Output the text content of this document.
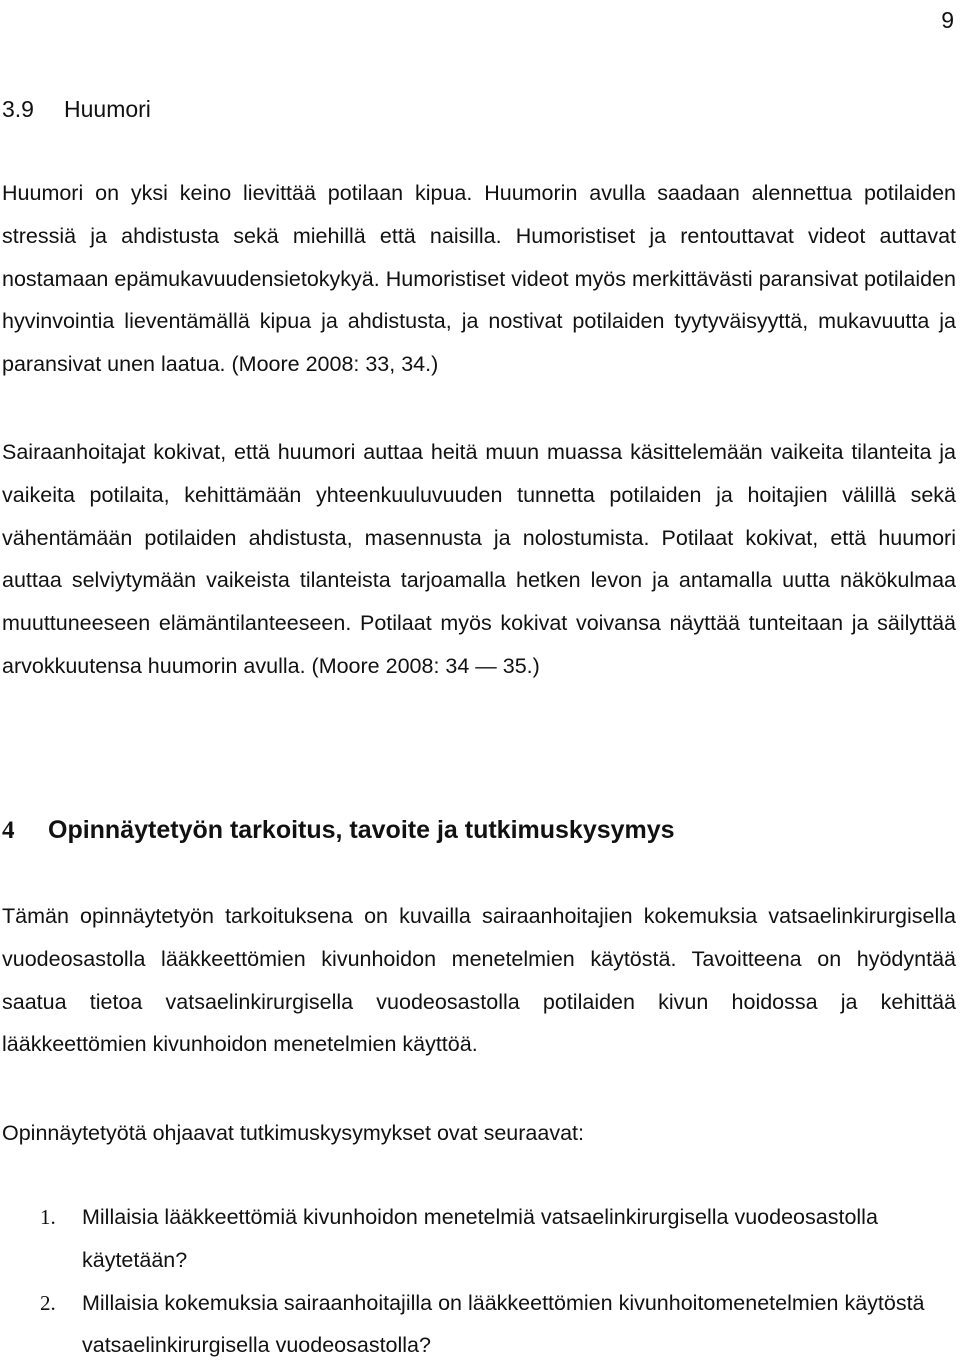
9
3.9 Huumori

Huumori on yksi keino lievittää potilaan kipua. Huumorin avulla saadaan alennettua potilaiden stressiä ja ahdistusta sekä miehillä että naisilla. Humoristiset ja rentouttavat videot auttavat nostamaan epämukavuudensietokykyä. Humoristiset videot myös merkittävästi paransivat potilaiden hyvinvointia lieventämällä kipua ja ahdistusta, ja nostivat potilaiden tyytyväisyyttä, mukavuutta ja paransivat unen laatua. (Moore 2008: 33, 34.)

Sairaanhoitajat kokivat, että huumori auttaa heitä muun muassa käsittelemään vaikeita tilanteita ja vaikeita potilaita, kehittämään yhteenkuuluvuuden tunnetta potilaiden ja hoitajien välillä sekä vähentämään potilaiden ahdistusta, masennusta ja nolostumista. Potilaat kokivat, että huumori auttaa selviytymään vaikeista tilanteista tarjoamalla hetken levon ja antamalla uutta näkökulmaa muuttuneeseen elämäntilanteeseen. Potilaat myös kokivat voivansa näyttää tunteitaan ja säilyttää arvokkuutensa huumorin avulla. (Moore 2008: 34 — 35.)

4 Opinnäytetyön tarkoitus, tavoite ja tutkimuskysymys

Tämän opinnäytetyön tarkoituksena on kuvailla sairaanhoitajien kokemuksia vatsaelinkirurgisella vuodeosastolla lääkkeettömien kivunhoidon menetelmien käytöstä. Tavoitteena on hyödyntää saatua tietoa vatsaelinkirurgisella vuodeosastolla potilaiden kivun hoidossa ja kehittää lääkkeettömien kivunhoidon menetelmien käyttöä.

Opinnäytetyötä ohjaavat tutkimuskysymykset ovat seuraavat:

1. Millaisia lääkkeettömiä kivunhoidon menetelmiä vatsaelinkirurgisella vuodeosastolla käytetään?
2. Millaisia kokemuksia sairaanhoitajilla on lääkkeettömien kivunhoitomenetelmien käytöstä vatsaelinkirurgisella vuodeosastolla?
